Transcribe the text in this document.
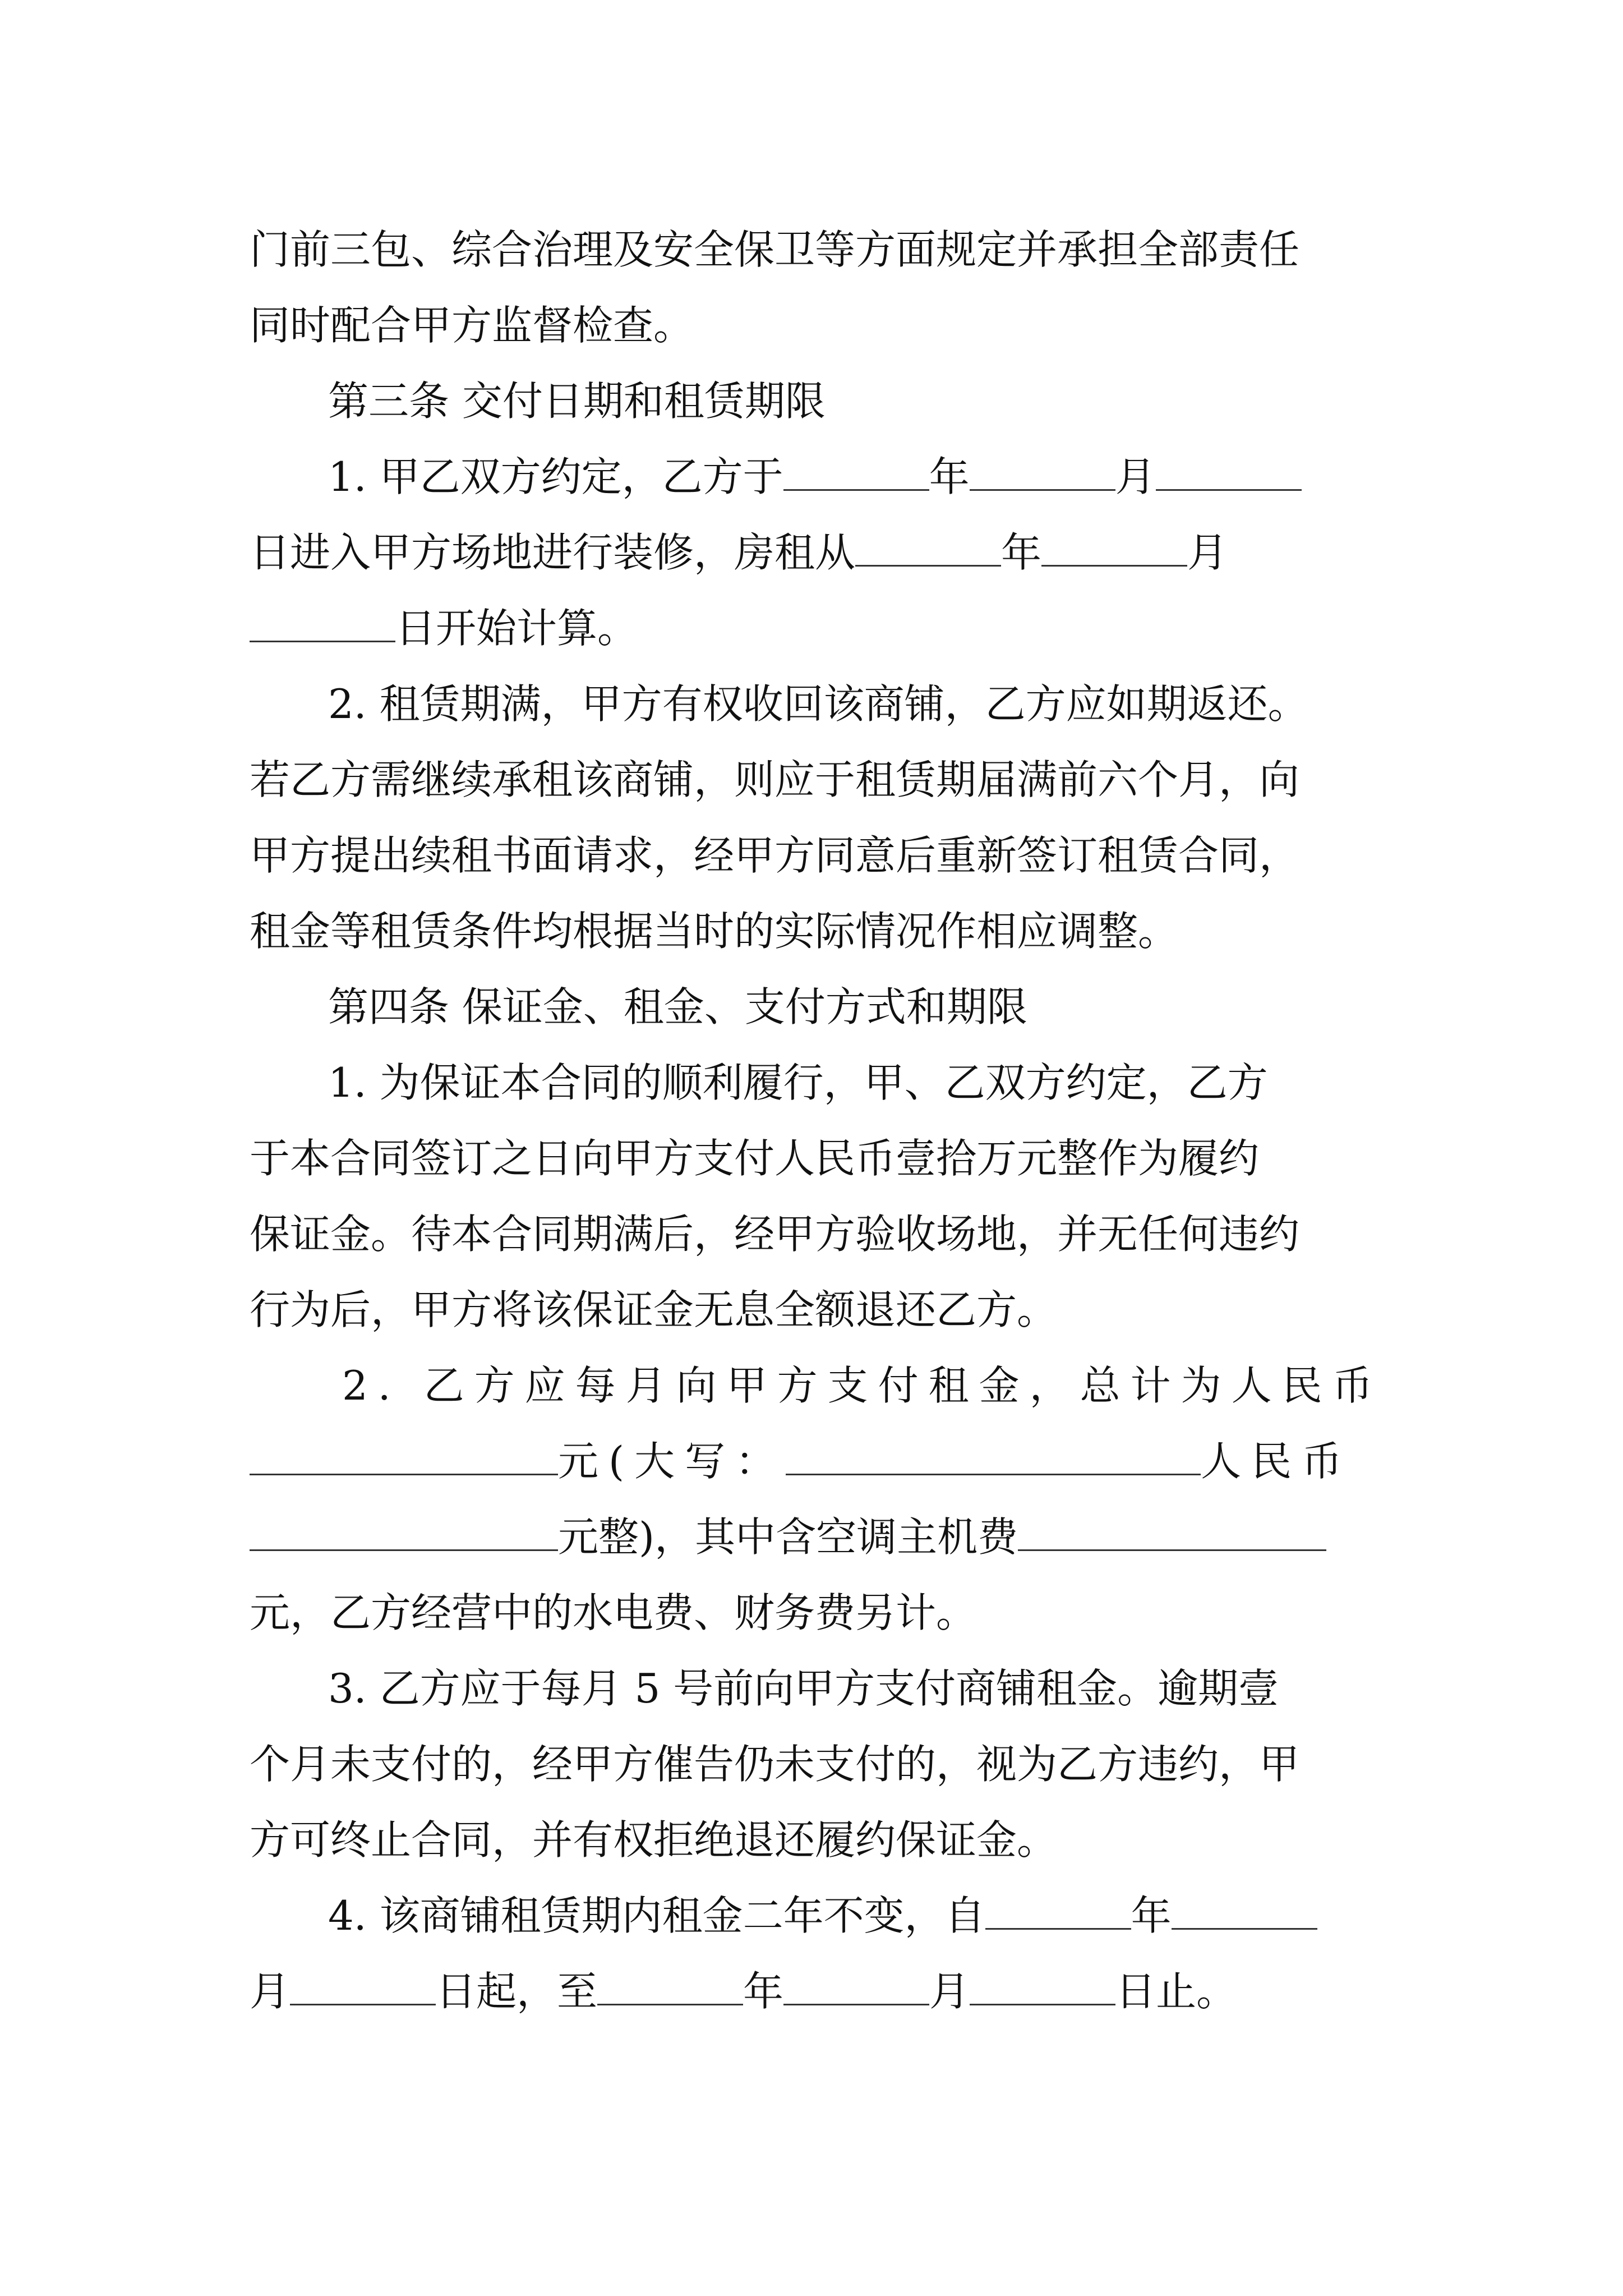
门前三包、综合治理及安全保卫等方面规定并承担全部责任
同时配合甲方监督检查。
第三条 交付日期和租赁期限
1. 甲乙双方约定，乙方于	年	月
日进入甲方场地进行装修，房租从	年	月
日开始计算。
2. 租赁期满，甲方有权收回该商铺，乙方应如期返还。
若乙方需继续承租该商铺，则应于租赁期届满前六个月，向
甲方提出续租书面请求，经甲方同意后重新签订租赁合同，
租金等租赁条件均根据当时的实际情况作相应调整。
第四条 保证金、租金、支付方式和期限
1. 为保证本合同的顺利履行，甲、乙双方约定，乙方
于本合同签订之日向甲方支付人民币壹拾万元整作为履约
保证金。待本合同期满后，经甲方验收场地，并无任何违约
行为后，甲方将该保证金无息全额退还乙方。
2. 乙方应每月向甲方支付租金，总计为人民币
元(大写：	人民币
元整)，其中含空调主机费
元，乙方经营中的水电费、财务费另计。
3. 乙方应于每月 5 号前向甲方支付商铺租金。逾期壹
个月未支付的，经甲方催告仍未支付的，视为乙方违约，甲
方可终止合同，并有权拒绝退还履约保证金。
4. 该商铺租赁期内租金二年不变，自	年
月	日起，至	年	月	日止。
